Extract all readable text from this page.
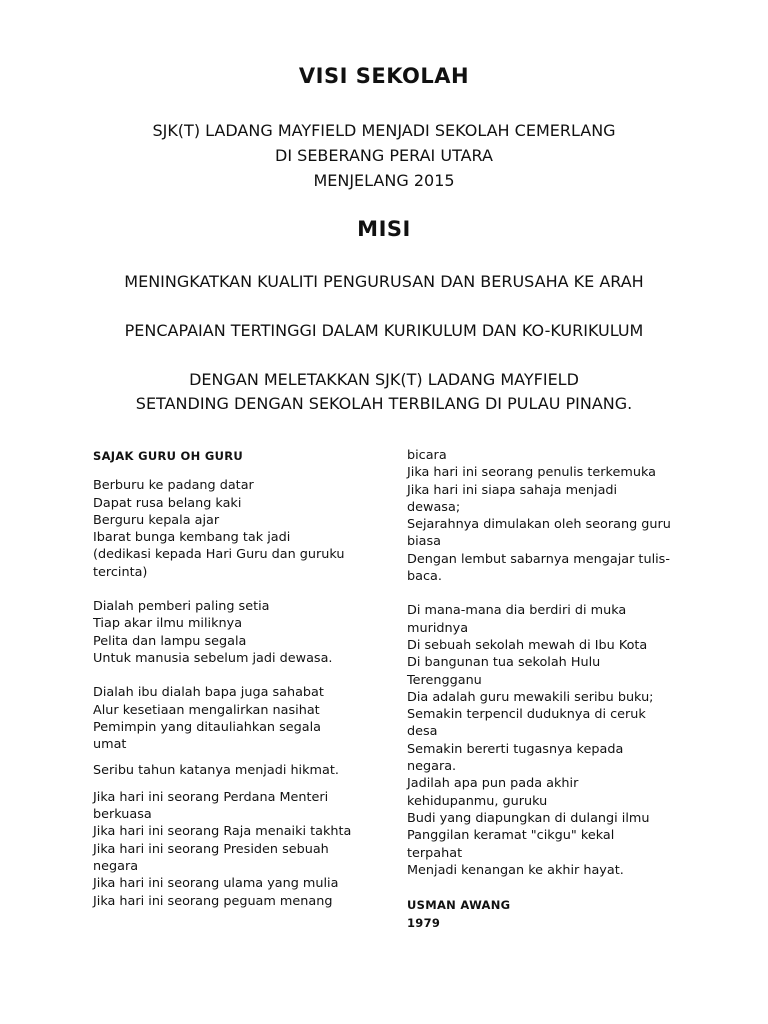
VISI SEKOLAH
SJK(T) LADANG MAYFIELD MENJADI SEKOLAH CEMERLANG
DI SEBERANG PERAI UTARA
MENJELANG 2015
MISI
MENINGKATKAN KUALITI PENGURUSAN DAN BERUSAHA KE ARAH
PENCAPAIAN TERTINGGI DALAM KURIKULUM DAN KO-KURIKULUM
DENGAN MELETAKKAN SJK(T) LADANG MAYFIELD
SETANDING DENGAN SEKOLAH TERBILANG DI PULAU PINANG.
SAJAK GURU OH GURU
Berburu ke padang datar
Dapat rusa belang kaki
Berguru kepala ajar
Ibarat bunga kembang tak jadi
(dedikasi kepada Hari Guru dan guruku
tercinta)
Dialah pemberi paling setia
Tiap akar ilmu miliknya
Pelita dan lampu segala
Untuk manusia sebelum jadi dewasa.
Dialah ibu dialah bapa juga sahabat
Alur kesetiaan mengalirkan nasihat
Pemimpin yang ditauliahkan segala
umat
Seribu tahun katanya menjadi hikmat.
Jika hari ini seorang Perdana Menteri
berkuasa
Jika hari ini seorang Raja menaiki takhta
Jika hari ini seorang Presiden sebuah
negara
Jika hari ini seorang ulama yang mulia
Jika hari ini seorang peguam menang
bicara
Jika hari ini seorang penulis terkemuka
Jika hari ini siapa sahaja menjadi
dewasa;
Sejarahnya dimulakan oleh seorang guru
biasa
Dengan lembut sabarnya mengajar tulis-
baca.
Di mana-mana dia berdiri di muka
muridnya
Di sebuah sekolah mewah di Ibu Kota
Di bangunan tua sekolah Hulu
Terengganu
Dia adalah guru mewakili seribu buku;
Semakin terpencil duduknya di ceruk
desa
Semakin bererti tugasnya kepada
negara.
Jadilah apa pun pada akhir
kehidupanmu, guruku
Budi yang diapungkan di dulangi ilmu
Panggilan keramat "cikgu" kekal
terpahat
Menjadi kenangan ke akhir hayat.
USMAN AWANG
1979
